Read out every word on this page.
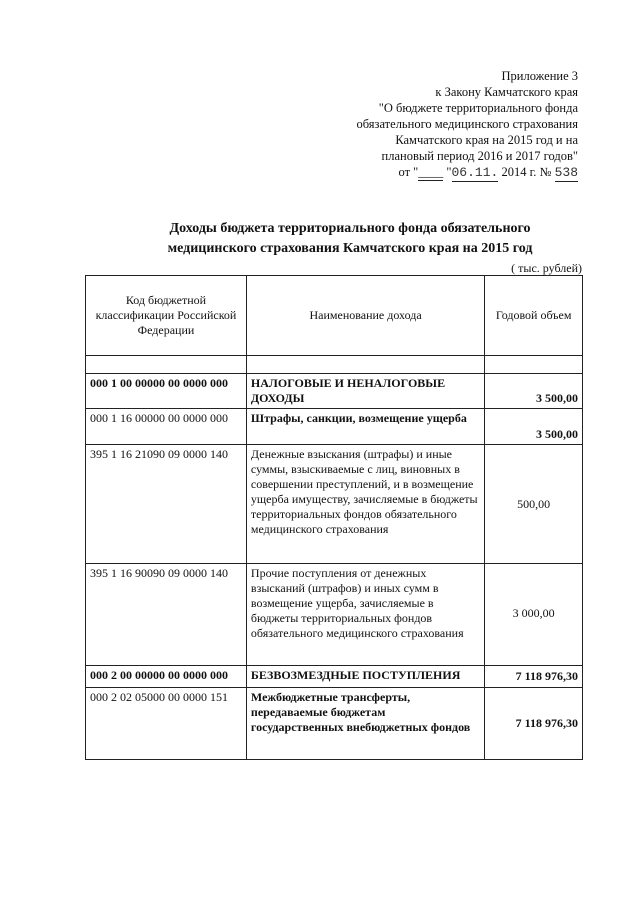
Приложение 3
к Закону Камчатского края
"О бюджете территориального фонда
обязательного медицинского страхования
Камчатского края на 2015 год и на
плановый период 2016 и 2017 годов"
от "____ "06.11. 2014 г. № 538
Доходы бюджета территориального фонда обязательного
медицинского страхования Камчатского края на 2015 год
( тыс. рублей)
Код бюджетной классификации Российской Федерации	Наименование дохода	Годовой объем

000 1 00 00000 00 0000 000	НАЛОГОВЫЕ И НЕНАЛОГОВЫЕ ДОХОДЫ	3 500,00
000 1 16 00000 00 0000 000	Штрафы, санкции, возмещение ущерба	3 500,00
395 1 16 21090 09 0000 140	Денежные взыскания (штрафы) и иные суммы, взыскиваемые с лиц, виновных в совершении преступлений, и в возмещение ущерба имуществу, зачисляемые в бюджеты территориальных фондов обязательного медицинского страхования	500,00
395 1 16 90090 09 0000 140	Прочие поступления от денежных взысканий (штрафов) и иных сумм в возмещение ущерба, зачисляемые в бюджеты территориальных фондов обязательного медицинского страхования	3 000,00
000 2 00 00000 00 0000 000	БЕЗВОЗМЕЗДНЫЕ ПОСТУПЛЕНИЯ	7 118 976,30
000 2 02 05000 00 0000 151	Межбюджетные трансферты, передаваемые бюджетам государственных внебюджетных фондов	7 118 976,30
